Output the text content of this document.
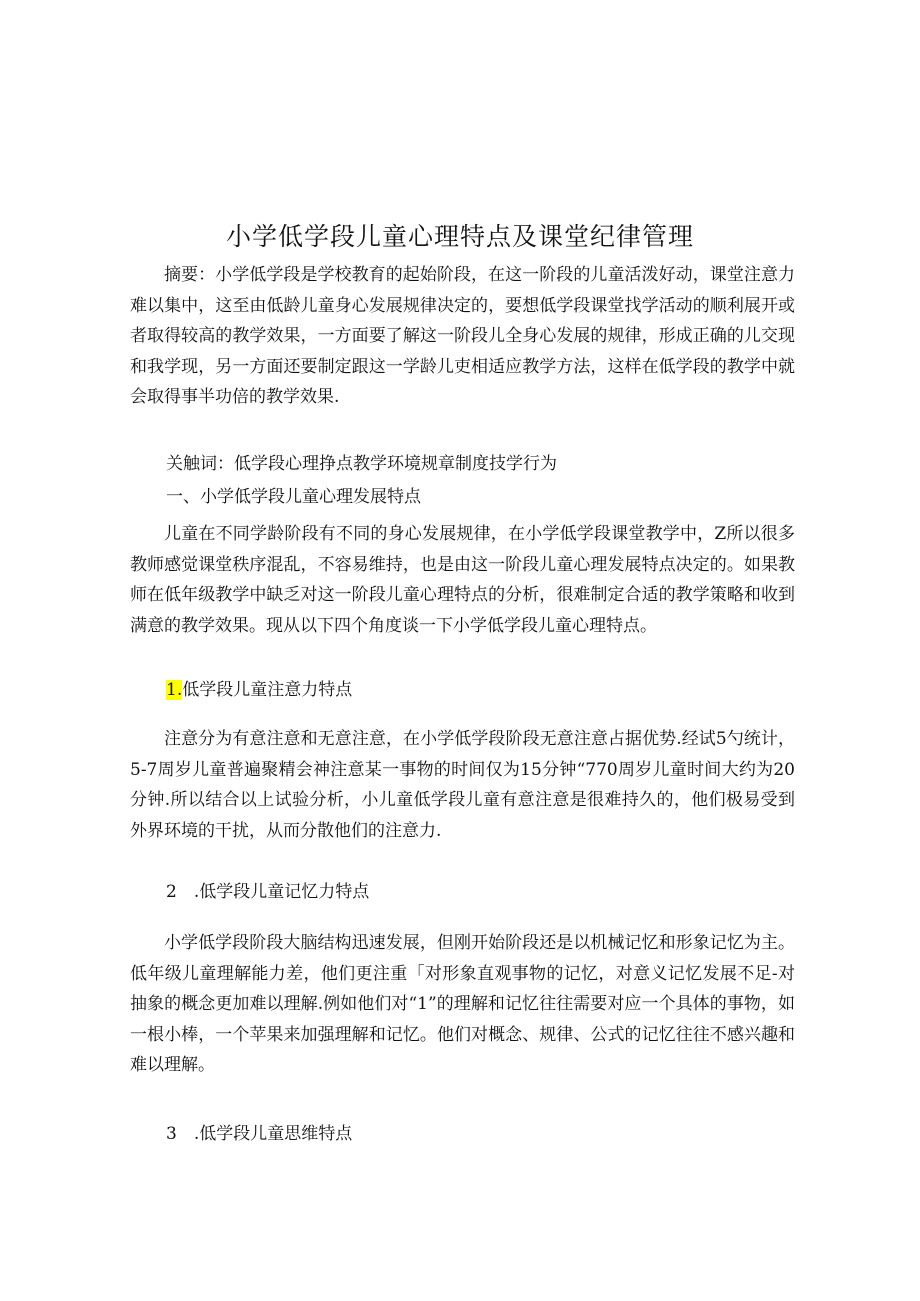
小学低学段儿童心理特点及课堂纪律管理

摘要：小学低学段是学校教育的起始阶段，在这一阶段的儿童活泼好动，课堂注意力难以集中，这至由低龄儿童身心发展规律决定的，要想低学段课堂找学活动的顺利展开或者取得较高的教学效果，一方面要了解这一阶段儿全身心发展的规律，形成正确的儿交现和我学现，另一方面还要制定跟这一学龄儿吏相适应教学方法，这样在低学段的教学中就会取得事半功倍的教学效果.

关触词：低学段心理挣点教学环境规章制度技学行为
一、小学低学段儿童心理发展特点

儿童在不同学龄阶段有不同的身心发展规律，在小学低学段课堂教学中，Z所以很多教师感觉课堂秩序混乱，不容易维持，也是由这一阶段儿童心理发展特点决定的。如果教师在低年级教学中缺乏对这一阶段儿童心理特点的分析，很难制定合适的教学策略和收到满意的教学效果。现从以下四个角度谈一下小学低学段儿童心理特点。

1.低学段儿童注意力特点

注意分为有意注意和无意注意，在小学低学段阶段无意注意占据优势.经试5勺统计，5-7周岁儿童普遍聚精会神注意某一事物的时间仅为15分钟“770周岁儿童时间大约为20分钟.所以结合以上试验分析，小儿童低学段儿童有意注意是很难持久的，他们极易受到外界环境的干扰，从而分散他们的注意力.

2　.低学段儿童记忆力特点

小学低学段阶段大脑结构迅速发展，但刚开始阶段还是以机械记忆和形象记忆为主。低年级儿童理解能力差，他们更注重「对形象直观事物的记忆，对意义记忆发展不足-对抽象的概念更加难以理解.例如他们对“1”的理解和记忆往往需要对应一个具体的事物，如一根小棒，一个苹果来加强理解和记忆。他们对概念、规律、公式的记忆往往不感兴趣和难以理解。

3　.低学段儿童思维特点
